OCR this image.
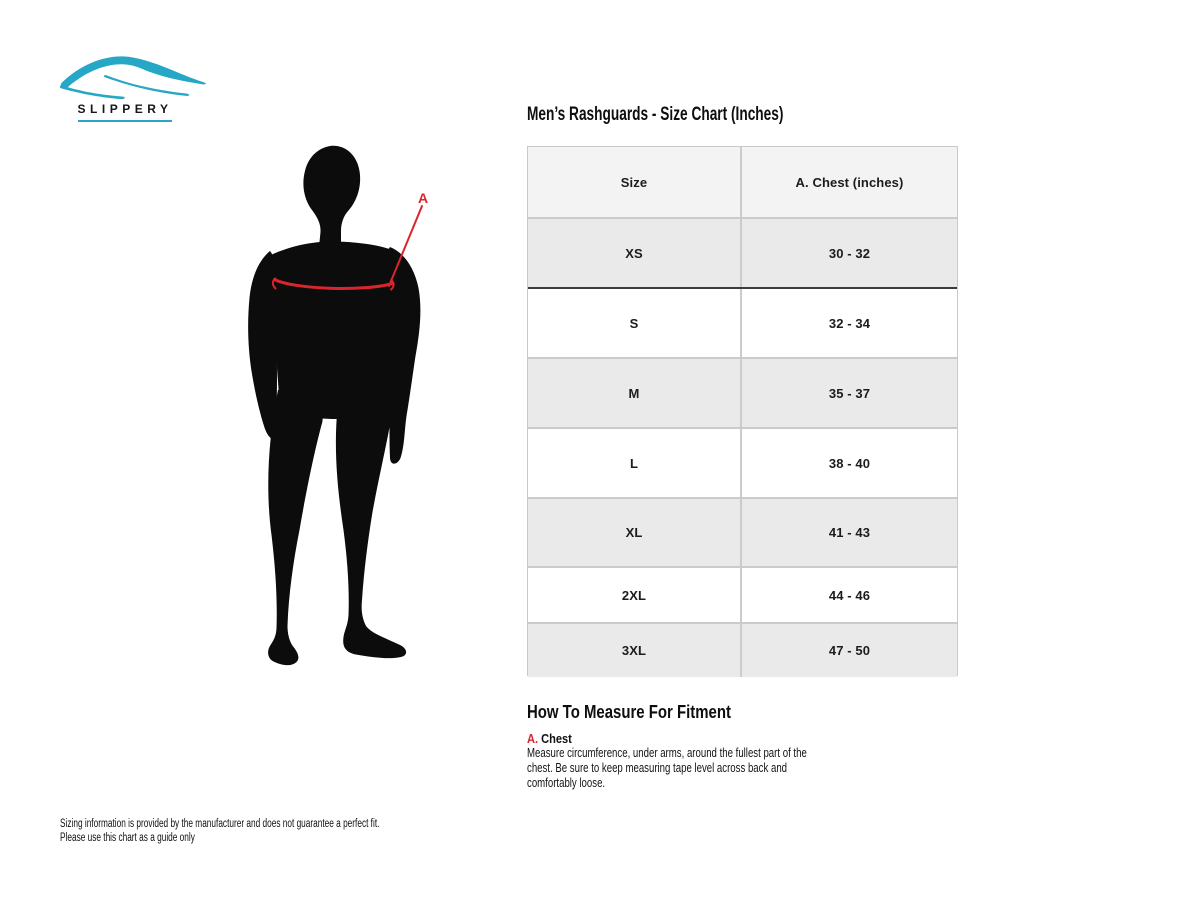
SLIPPERY
A
Men’s Rashguards - Size Chart (Inches)
Size	A. Chest (inches)
XS	30 - 32
S	32 - 34
M	35 - 37
L	38 - 40
XL	41 - 43
2XL	44 - 46
3XL	47 - 50
How To Measure For Fitment
A. Chest
Measure circumference, under arms, around the fullest part of the chest. Be sure to keep measuring tape level across back and comfortably loose.
Sizing information is provided by the manufacturer and does not guarantee a perfect fit.
Please use this chart as a guide only
